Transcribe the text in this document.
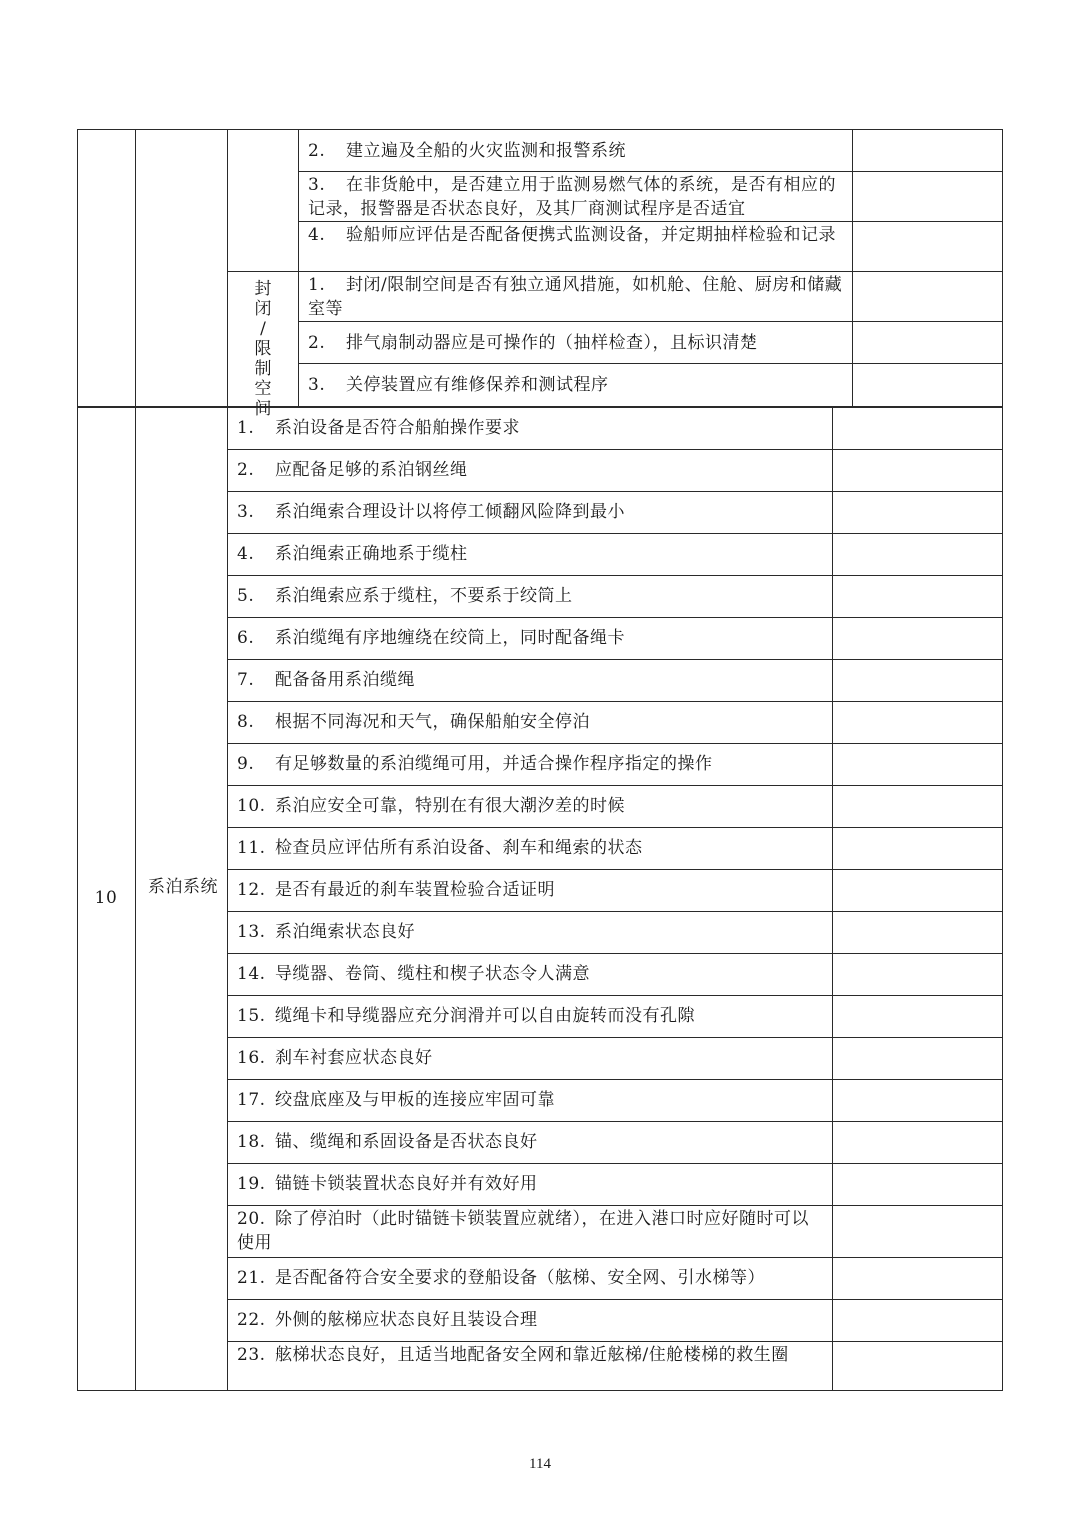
2. 建立遍及全船的火灾监测和报警系统
3. 在非货舱中，是否建立用于监测易燃气体的系统，是否有相应的记录，报警器是否状态良好，及其厂商测试程序是否适宜
4. 验船师应评估是否配备便携式监测设备，并定期抽样检验和记录
封
闭
/
限
制
空
间
1. 封闭/限制空间是否有独立通风措施，如机舱、住舱、厨房和储藏室等
2. 排气扇制动器应是可操作的（抽样检查），且标识清楚
3. 关停装置应有维修保养和测试程序
10
系泊系统
1. 系泊设备是否符合船舶操作要求
2. 应配备足够的系泊钢丝绳
3. 系泊绳索合理设计以将停工倾翻风险降到最小
4. 系泊绳索正确地系于缆柱
5. 系泊绳索应系于缆柱，不要系于绞筒上
6. 系泊缆绳有序地缠绕在绞筒上，同时配备绳卡
7. 配备备用系泊缆绳
8. 根据不同海况和天气，确保船舶安全停泊
9. 有足够数量的系泊缆绳可用，并适合操作程序指定的操作
10. 系泊应安全可靠，特别在有很大潮汐差的时候
11. 检查员应评估所有系泊设备、刹车和绳索的状态
12. 是否有最近的刹车装置检验合适证明
13. 系泊绳索状态良好
14. 导缆器、卷筒、缆柱和楔子状态令人满意
15. 缆绳卡和导缆器应充分润滑并可以自由旋转而没有孔隙
16. 刹车衬套应状态良好
17. 绞盘底座及与甲板的连接应牢固可靠
18. 锚、缆绳和系固设备是否状态良好
19. 锚链卡锁装置状态良好并有效好用
20. 除了停泊时（此时锚链卡锁装置应就绪），在进入港口时应好随时可以使用
21. 是否配备符合安全要求的登船设备（舷梯、安全网、引水梯等）
22. 外侧的舷梯应状态良好且装设合理
23. 舷梯状态良好，且适当地配备安全网和靠近舷梯/住舱楼梯的救生圈
114
